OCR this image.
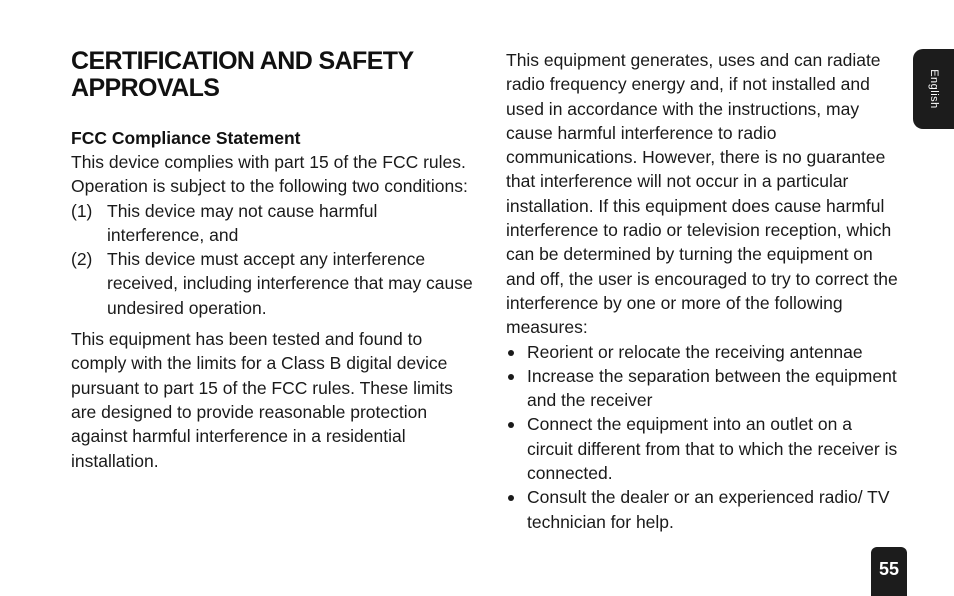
CERTIFICATION AND SAFETY APPROVALS

FCC Compliance Statement

This device complies with part 15 of the FCC rules. Operation is subject to the following two conditions:

(1) This device may not cause harmful interference, and
(2) This device must accept any interference received, including interference that may cause undesired operation.

This equipment has been tested and found to comply with the limits for a Class B digital device pursuant to part 15 of the FCC rules. These limits are designed to provide reasonable protection against harmful interference in a residential installation.

This equipment generates, uses and can radiate radio frequency energy and, if not installed and used in accordance with the instructions, may cause harmful interference to radio communications. However, there is no guarantee that interference will not occur in a particular installation. If this equipment does cause harmful interference to radio or television reception, which can be determined by turning the equipment on and off, the user is encouraged to try to correct the interference by one or more of the following measures:

Reorient or relocate the receiving antennae
Increase the separation between the equipment and the receiver
Connect the equipment into an outlet on a circuit different from that to which the receiver is connected.
Consult the dealer or an experienced radio/ TV technician for help.
English
55
